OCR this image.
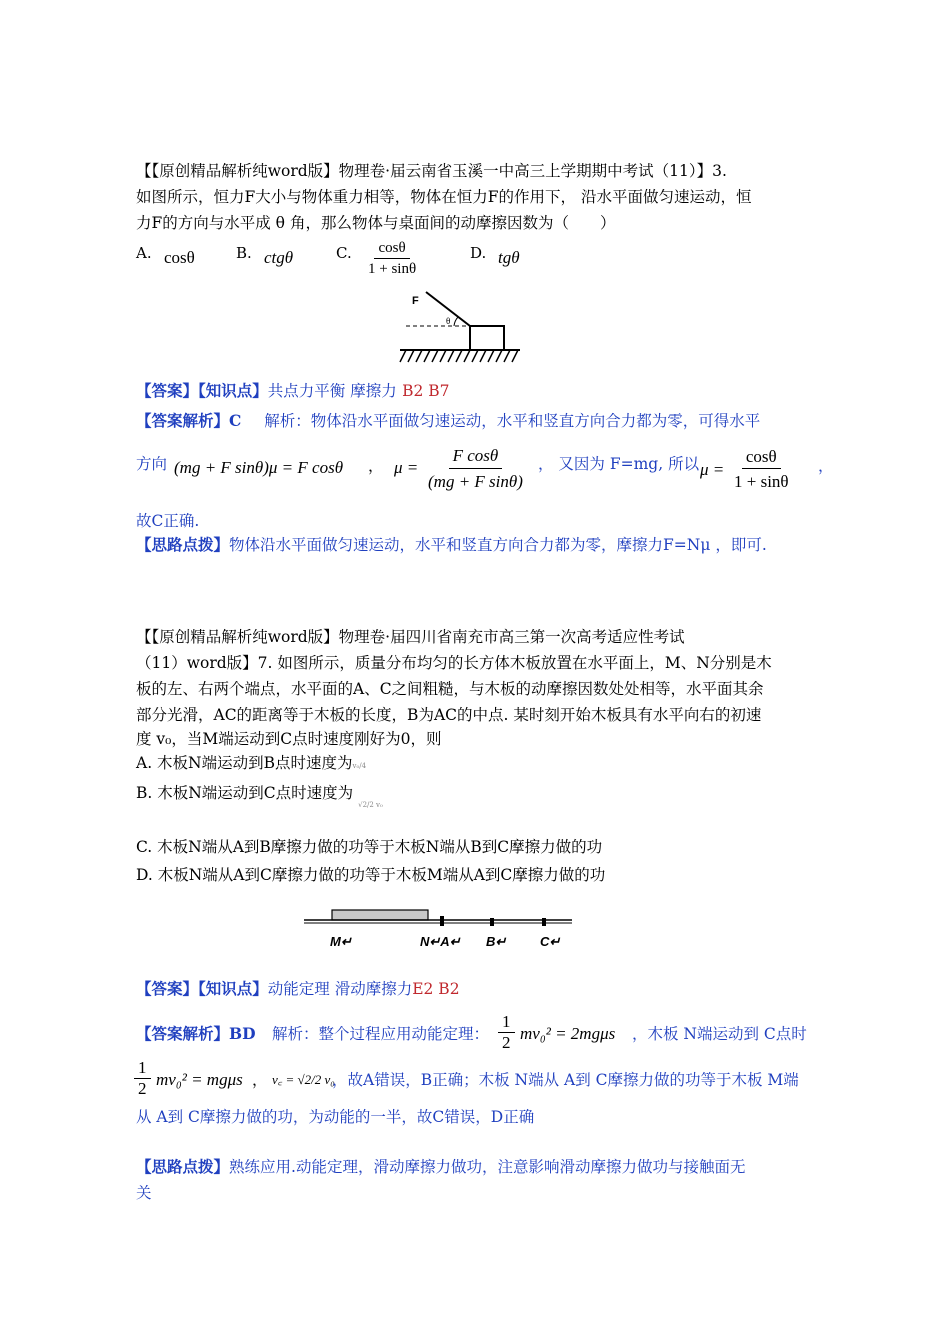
【【原创精品解析纯word版】物理卷·届云南省玉溪一中高三上学期期中考试（11）】3.
如图所示，恒力F大小与物体重力相等，物体在恒力F的作用下， 沿水平面做匀速运动，恒
力F的方向与水平成 θ 角，那么物体与桌面间的动摩擦因数为（　　）
A. cosθ	B. ctgθ	C. $\frac{\cos\theta}{1 + \sin\theta}$	D. tgθ
F
θ
【答案】【知识点】共点力平衡 摩擦力 B2 B7
【答案解析】C 解析：物体沿水平面做匀速运动，水平和竖直方向合力都为零，可得水平
方向 (mg + F sinθ)μ = F cosθ ， $\mu = \frac{\text{F cosθ}}{\text{(mg + F sinθ)}}$ ， 又因为 F=mg, 所以 $\mu = \frac{\cos\theta}{1 + \sin\theta}$ ，
故C正确.
【思路点拨】物体沿水平面做匀速运动，水平和竖直方向合力都为零，摩擦力F=Nμ ，即可.
【【原创精品解析纯word版】物理卷·届四川省南充市高三第一次高考适应性考试
（11）word版】7. 如图所示，质量分布均匀的长方体木板放置在水平面上，M、N分别是木
板的左、右两个端点，水平面的A、C之间粗糙，与木板的动摩擦因数处处相等，水平面其余
部分光滑，AC的距离等于木板的长度，B为AC的中点. 某时刻开始木板具有水平向右的初速
度 v₀，当M端运动到C点时速度刚好为0，则
A. 木板N端运动到B点时速度为v₀/4
B. 木板N端运动到C点时速度为 √2/2 v₀
C. 木板N端从A到B摩擦力做的功等于木板N端从B到C摩擦力做的功
D. 木板N端从A到C摩擦力做的功等于木板M端从A到C摩擦力做的功
M↵	N↵A↵ B↵	C↵
【答案】【知识点】动能定理 滑动摩擦力E2 B2
【答案解析】BD 解析：整个过程应用动能定理： $\frac{1}{2} mv_0^2 = 2mg\mu s$ ，木板 N端运动到 C点时
$\frac{1}{2} mv_0^2 = mg\mu s$ ， v꜀ = √2/2 v₀
，故A错误，B正确；木板 N端从 A到 C摩擦力做的功等于木板 M端
从 A到 C摩擦力做的功，为动能的一半，故C错误，D正确
【思路点拨】熟练应用.动能定理，滑动摩擦力做功，注意影响滑动摩擦力做功与接触面无
关
